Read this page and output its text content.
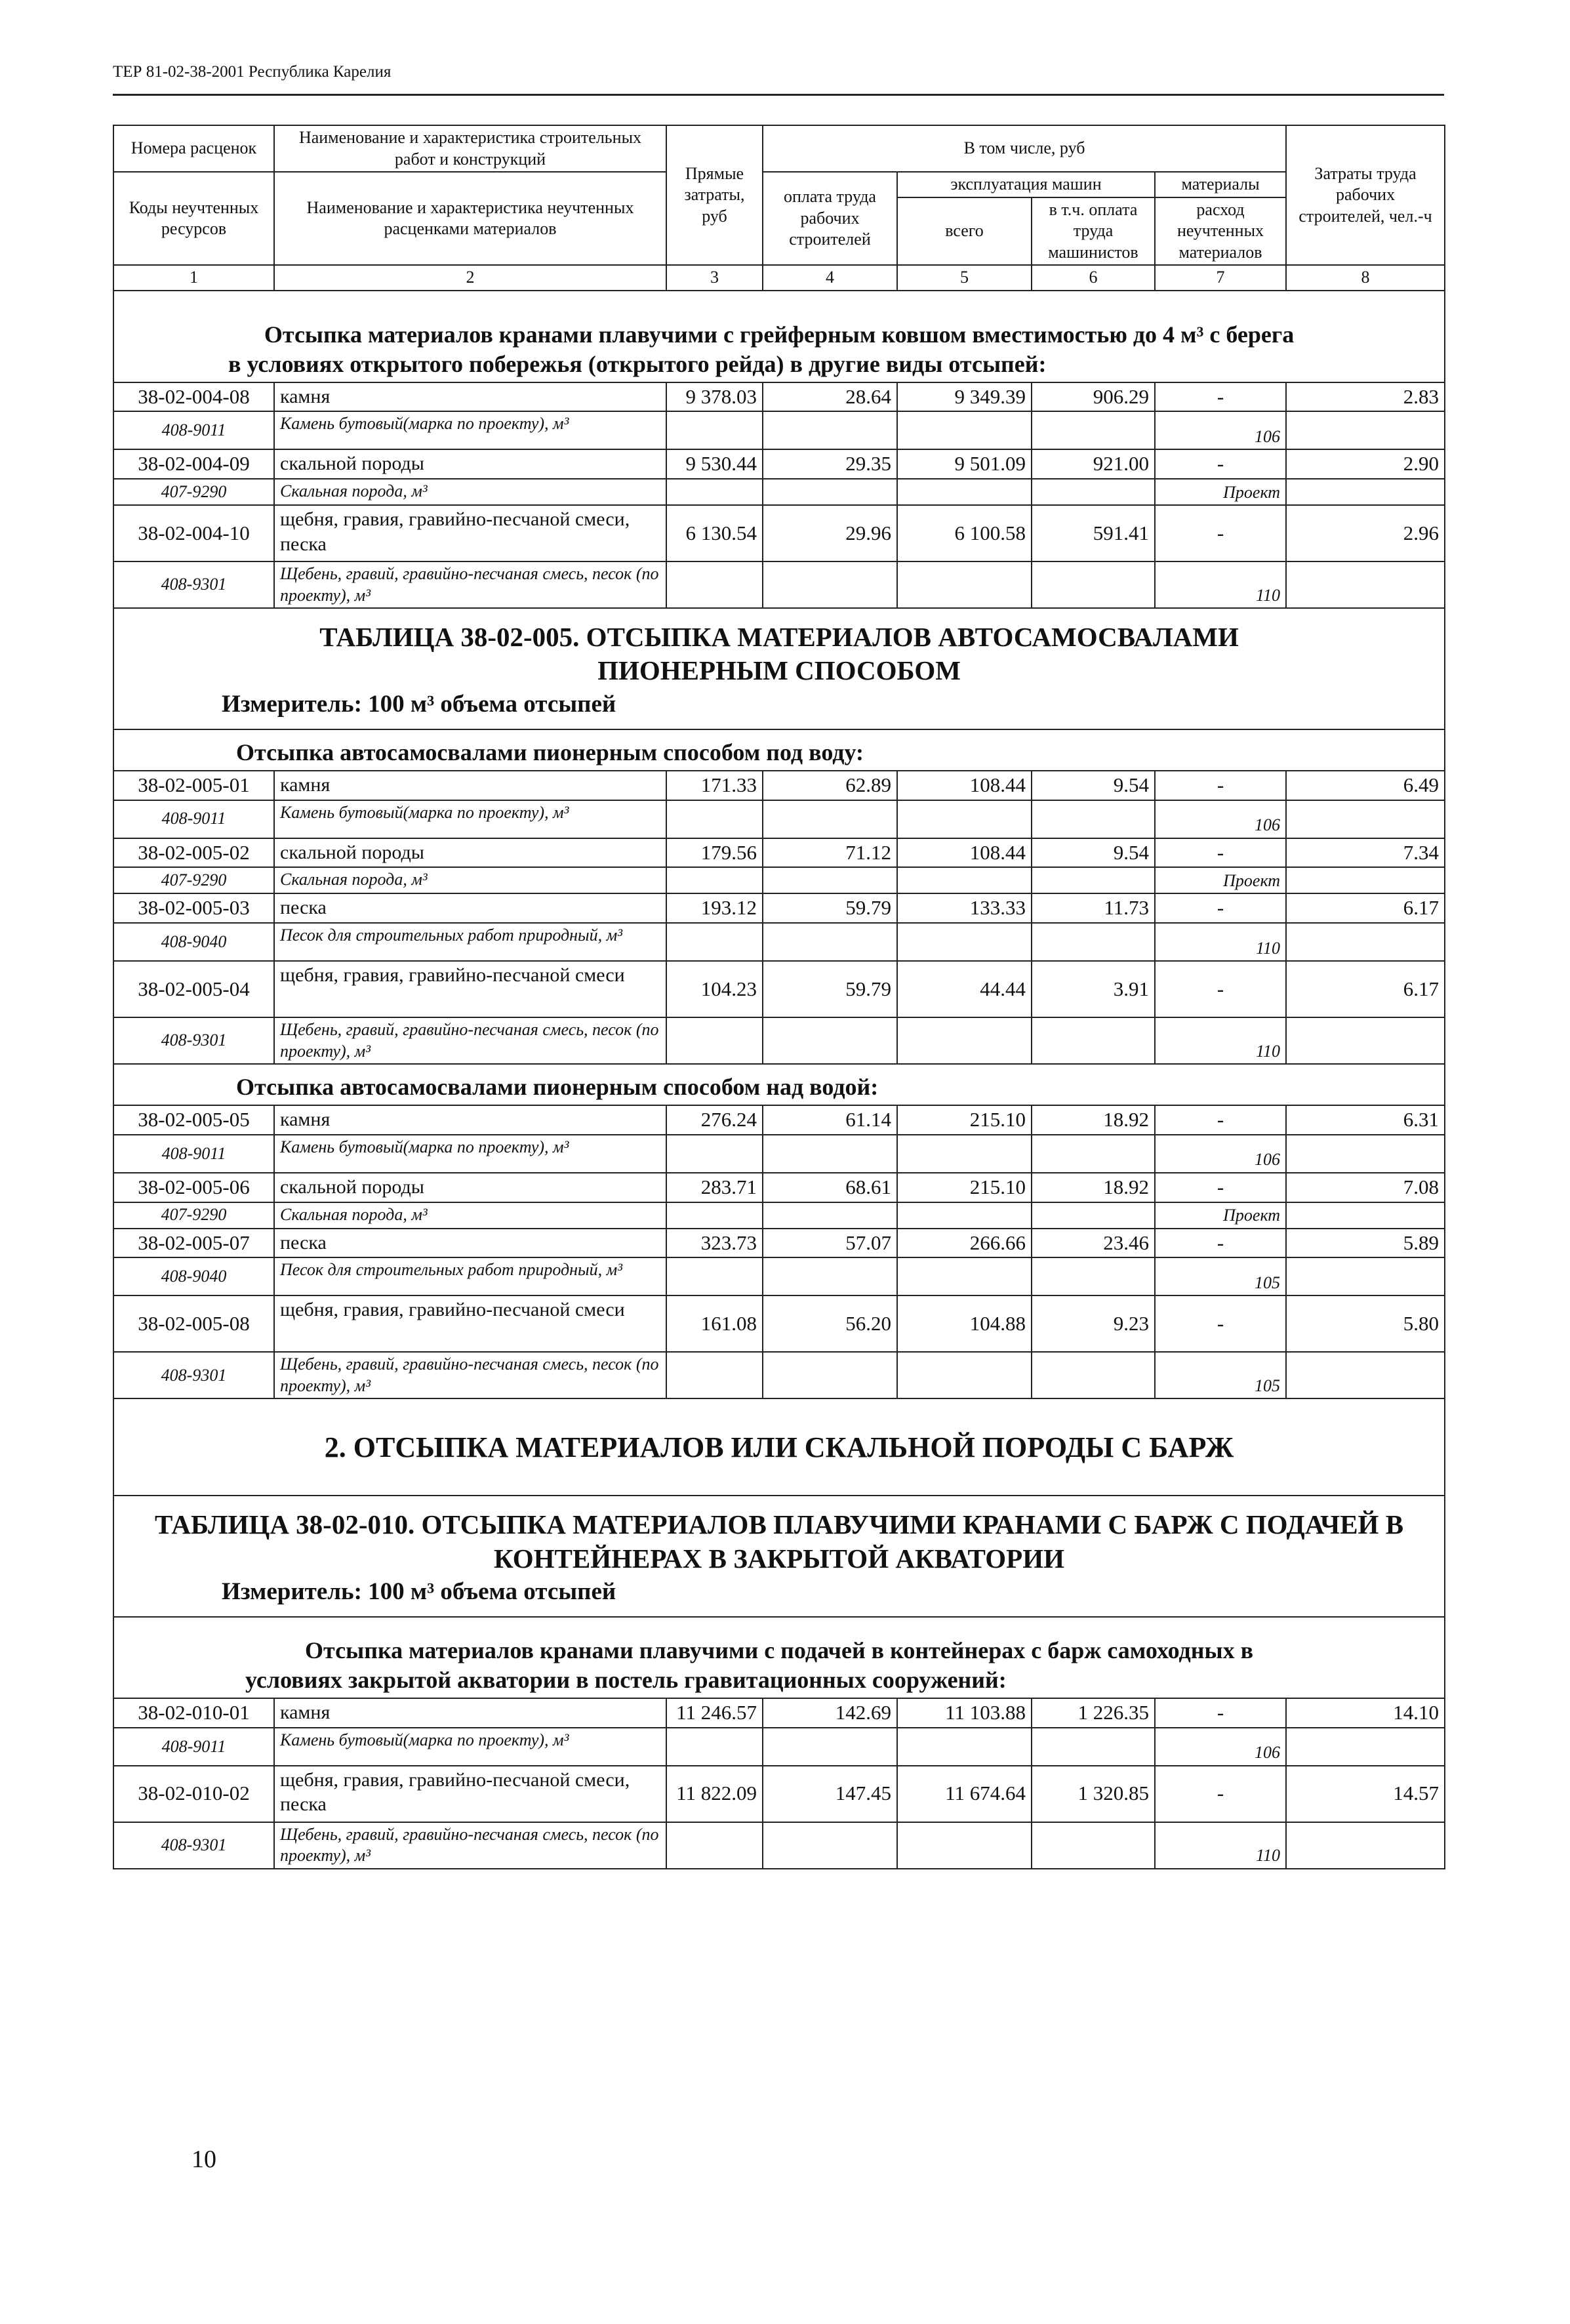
ТЕР 81-02-38-2001 Республика Карелия
Номера расценок	Наименование и характеристика строительных работ и конструкций	Прямые затраты, руб	В том числе, руб				Затраты труда рабочих строителей, чел.-ч
Коды неучтенных ресурсов	Наименование и характеристика неучтенных расценками материалов		оплата труда рабочих строителей	эксплуатация машин		материалы	
				всего	в т.ч. оплата труда машинистов	расход неучтенных материалов	

1	2	3	4	5	6	7	8

Отсыпка материалов кранами плавучими с грейферным ковшом вместимостью до 4 м³ с берега
в условиях открытого побережья (открытого рейда) в другие виды отсыпей:							

38-02-004-08	камня	9 378.03	28.64	9 349.39	906.29	-	2.83
408-9011	Камень бутовый(марка по проекту), м³					106	
38-02-004-09	скальной породы	9 530.44	29.35	9 501.09	921.00	-	2.90
407-9290	Скальная порода, м³					Проект	
38-02-004-10	щебня, гравия, гравийно-песчаной смеси, песка	6 130.54	29.96	6 100.58	591.41	-	2.96
408-9301	Щебень, гравий, гравийно-песчаная смесь, песок (по проекту), м³					110	

ТАБЛИЦА 38-02-005. ОТСЫПКА МАТЕРИАЛОВ АВТОСАМОСВАЛАМИ ПИОНЕРНЫМ СПОСОБОМ
Измеритель: 100 м³ объема отсыпей							

Отсыпка автосамосвалами пионерным способом под воду:							
38-02-005-01	камня	171.33	62.89	108.44	9.54	-	6.49
408-9011	Камень бутовый(марка по проекту), м³					106	
38-02-005-02	скальной породы	179.56	71.12	108.44	9.54	-	7.34
407-9290	Скальная порода, м³					Проект	
38-02-005-03	песка	193.12	59.79	133.33	11.73	-	6.17
408-9040	Песок для строительных работ природный, м³					110	
38-02-005-04	щебня, гравия, гравийно-песчаной смеси	104.23	59.79	44.44	3.91	-	6.17
408-9301	Щебень, гравий, гравийно-песчаная смесь, песок (по проекту), м³					110	
Отсыпка автосамосвалами пионерным способом над водой:							
38-02-005-05	камня	276.24	61.14	215.10	18.92	-	6.31
408-9011	Камень бутовый(марка по проекту), м³					106	
38-02-005-06	скальной породы	283.71	68.61	215.10	18.92	-	7.08
407-9290	Скальная порода, м³					Проект	
38-02-005-07	песка	323.73	57.07	266.66	23.46	-	5.89
408-9040	Песок для строительных работ природный, м³					105	
38-02-005-08	щебня, гравия, гравийно-песчаной смеси	161.08	56.20	104.88	9.23	-	5.80
408-9301	Щебень, гравий, гравийно-песчаная смесь, песок (по проекту), м³					105	
2. ОТСЫПКА МАТЕРИАЛОВ ИЛИ СКАЛЬНОЙ ПОРОДЫ С БАРЖ							

ТАБЛИЦА 38-02-010. ОТСЫПКА МАТЕРИАЛОВ ПЛАВУЧИМИ КРАНАМИ С БАРЖ С ПОДАЧЕЙ В КОНТЕЙНЕРАХ В ЗАКРЫТОЙ АКВАТОРИИ
Измеритель: 100 м³ объема отсыпей							

Отсыпка материалов кранами плавучими с подачей в контейнерах с барж самоходных в
условиях закрытой акватории в постель гравитационных сооружений:							

38-02-010-01	камня	11 246.57	142.69	11 103.88	1 226.35	-	14.10
408-9011	Камень бутовый(марка по проекту), м³					106	
38-02-010-02	щебня, гравия, гравийно-песчаной смеси, песка	11 822.09	147.45	11 674.64	1 320.85	-	14.57
408-9301	Щебень, гравий, гравийно-песчаная смесь, песок (по проекту), м³					110	
10
